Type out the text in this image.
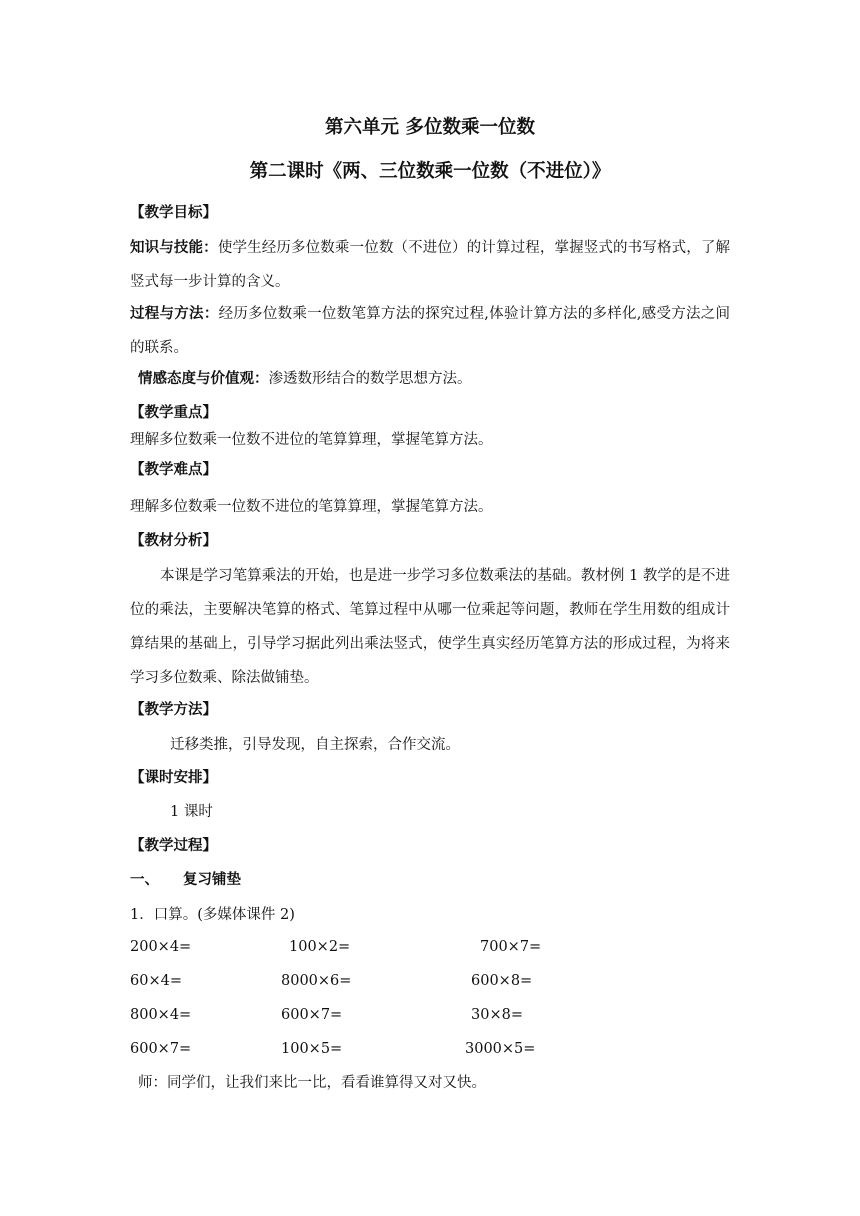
第六单元 多位数乘一位数
第二课时《两、三位数乘一位数（不进位）》
【教学目标】
知识与技能：使学生经历多位数乘一位数（不进位）的计算过程，掌握竖式的书写格式，了解竖式每一步计算的含义。
过程与方法：经历多位数乘一位数笔算方法的探究过程,体验计算方法的多样化,感受方法之间的联系。
情感态度与价值观：渗透数形结合的数学思想方法。
【教学重点】
理解多位数乘一位数不进位的笔算算理，掌握笔算方法。
【教学难点】
理解多位数乘一位数不进位的笔算算理，掌握笔算方法。
【教材分析】
本课是学习笔算乘法的开始，也是进一步学习多位数乘法的基础。教材例 1 教学的是不进位的乘法，主要解决笔算的格式、笔算过程中从哪一位乘起等问题，教师在学生用数的组成计算结果的基础上，引导学习据此列出乘法竖式，使学生真实经历笔算方法的形成过程，为将来学习多位数乘、除法做铺垫。
【教学方法】
迁移类推，引导发现，自主探索，合作交流。
【课时安排】
1 课时
【教学过程】
一、 复习铺垫
1．口算。(多媒体课件 2)
200×4=	100×2=	700×7=
60×4=	8000×6=	600×8=
800×4=	600×7=	30×8=
600×7=	100×5=	3000×5=
师：同学们，让我们来比一比，看看谁算得又对又快。
